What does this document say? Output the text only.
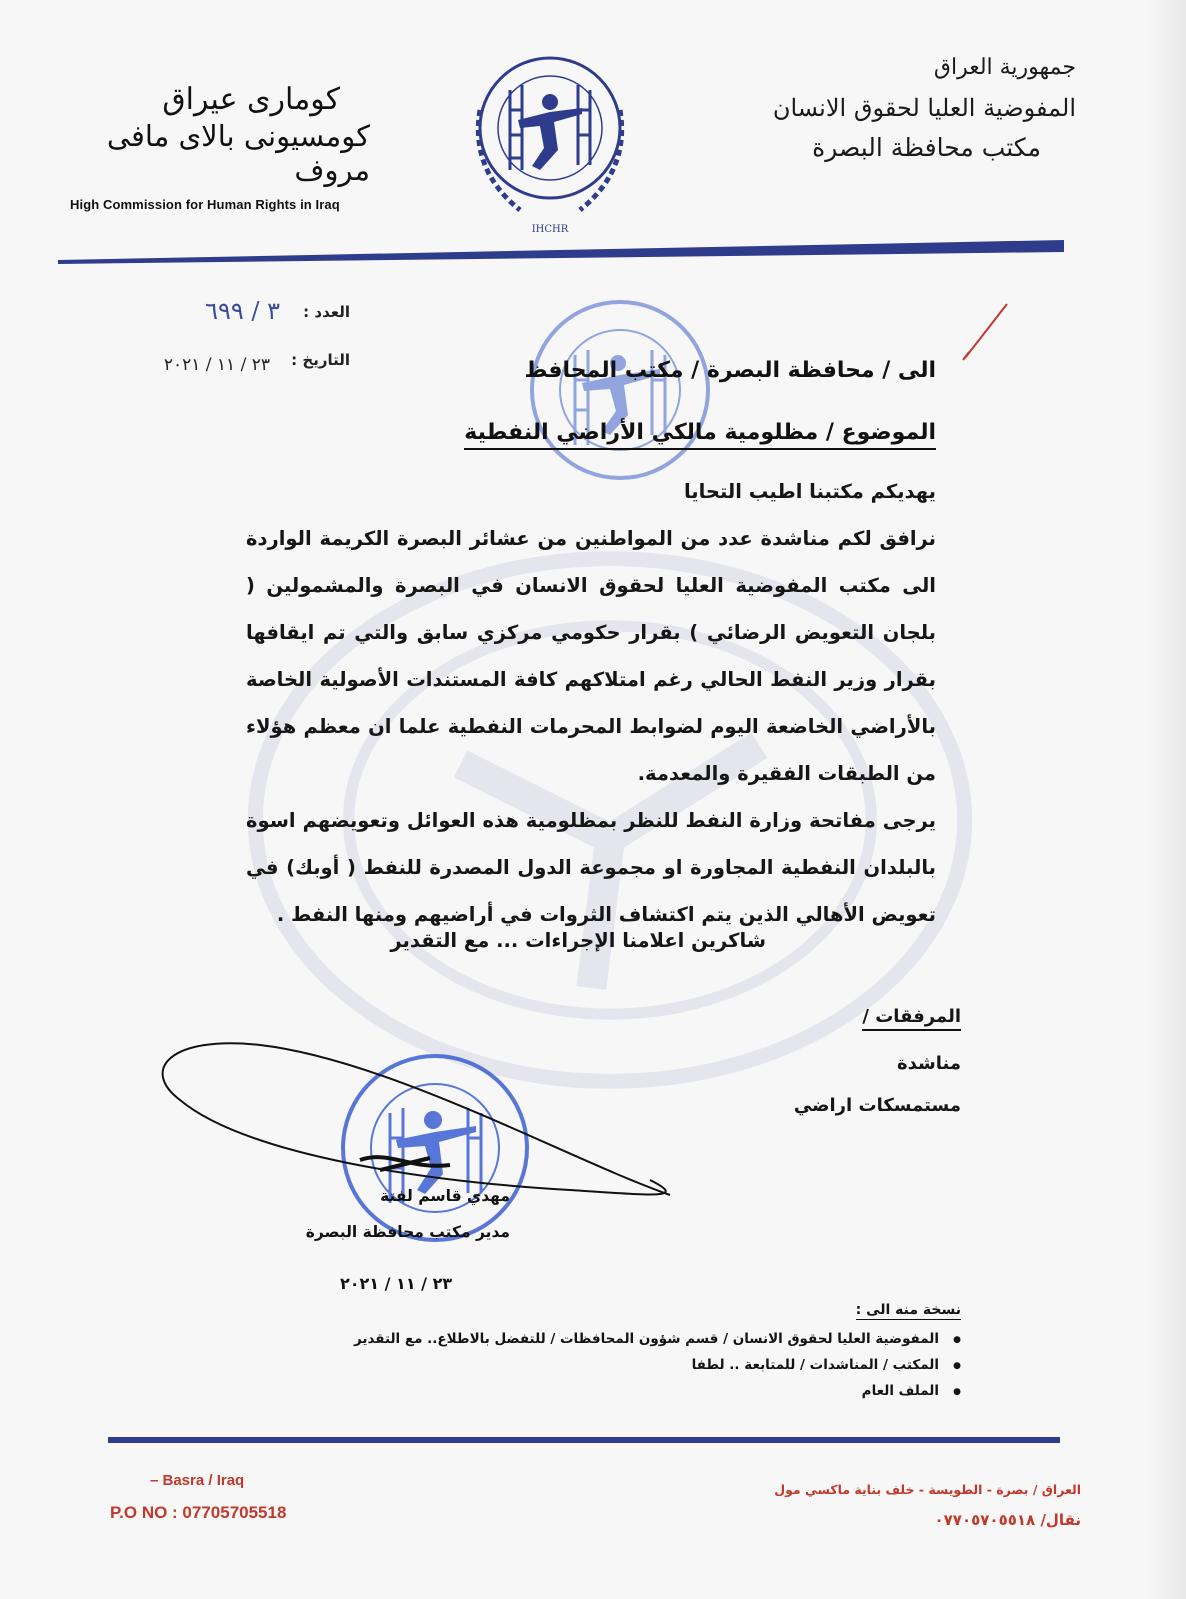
جمهورية العراق
المفوضية العليا لحقوق الانسان
مكتب محافظة البصرة
كومارى عيراق
كومسيونى بالاى مافى مروف
High Commission for Human Rights in Iraq
IHCHR
العدد :
٣ / ٦٩٩
التاريخ :
٢٣ / ١١ / ٢٠٢١	الى / محافظة البصرة / مكتب المحافظ
الموضوع / مظلومية مالكي الأراضي النفطية

يهديكم مكتبنا اطيب التحايا

نرافق لكم مناشدة عدد من المواطنين من عشائر البصرة الكريمة الواردة الى مكتب المفوضية العليا لحقوق الانسان في البصرة والمشمولين ( بلجان التعويض الرضائي ) بقرار حكومي مركزي سابق والتي تم ايقافها بقرار وزير النفط الحالي رغم امتلاكهم كافة المستندات الأصولية الخاصة بالأراضي الخاضعة اليوم لضوابط المحرمات النفطية علما ان معظم هؤلاء من الطبقات الفقيرة والمعدمة.

يرجى مفاتحة وزارة النفط للنظر بمظلومية هذه العوائل وتعويضهم اسوة بالبلدان النفطية المجاورة او مجموعة الدول المصدرة للنفط ( أوبك) في تعويض الأهالي الذين يتم اكتشاف الثروات في أراضيهم ومنها النفط .

شاكرين اعلامنا الإجراءات ... مع التقدير
المرفقات /
مناشدة
مستمسكات اراضي
مهدي قاسم لفتة
مدير مكتب محافظة البصرة
٢٣ / ١١ / ٢٠٢١
نسخة منه الى :
● المفوضية العليا لحقوق الانسان / قسم شؤون المحافظات / للتفضل بالاطلاع.. مع التقدير
● المكتب / المناشدات / للمتابعة .. لطفا
● الملف العام
– Basra / Iraq
P.O NO : 07705705518
العراق / بصرة - الطويسة - خلف بناية ماكسي مول
نقال/ ٠٧٧٠٥٧٠٥٥١٨
